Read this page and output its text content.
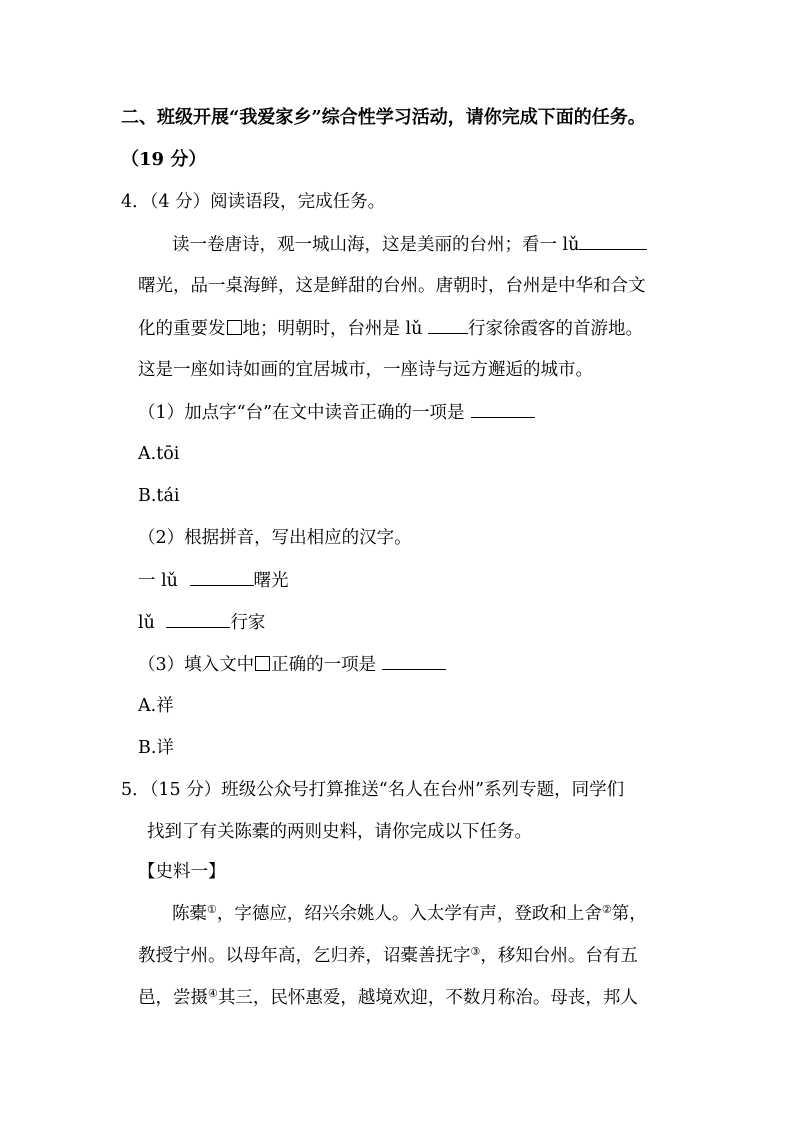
二、班级开展“我爱家乡”综合性学习活动，请你完成下面的任务。
（19 分）
4．（4 分）阅读语段，完成任务。
读一卷唐诗，观一城山海，这是美丽的台州；看一 lǔ
曙光，品一桌海鲜，这是鲜甜的台州。唐朝时，台州是中华和合文
化的重要发 地；明朝时，台州是 lǔ 行家徐霞客的首游地。
这是一座如诗如画的宜居城市，一座诗与远方邂逅的城市。
（1）加点字“台”在文中读音正确的一项是
A.tōi
B.tái
（2）根据拼音，写出相应的汉字。
一 lǔ	曙光
lǔ	行家
（3）填入文中 正确的一项是
A.祥
B.详
5．（15 分）班级公众号打算推送“名人在台州”系列专题，同学们
找到了有关陈橐的两则史料，请你完成以下任务。
【史料一】
陈橐①，字德应，绍兴余姚人。入太学有声，登政和上舍②第，
教授宁州。以母年高，乞归养，诏橐善抚字③，移知台州。台有五
邑，尝摄④其三，民怀惠爱，越境欢迎，不数月称治。母丧，邦人
